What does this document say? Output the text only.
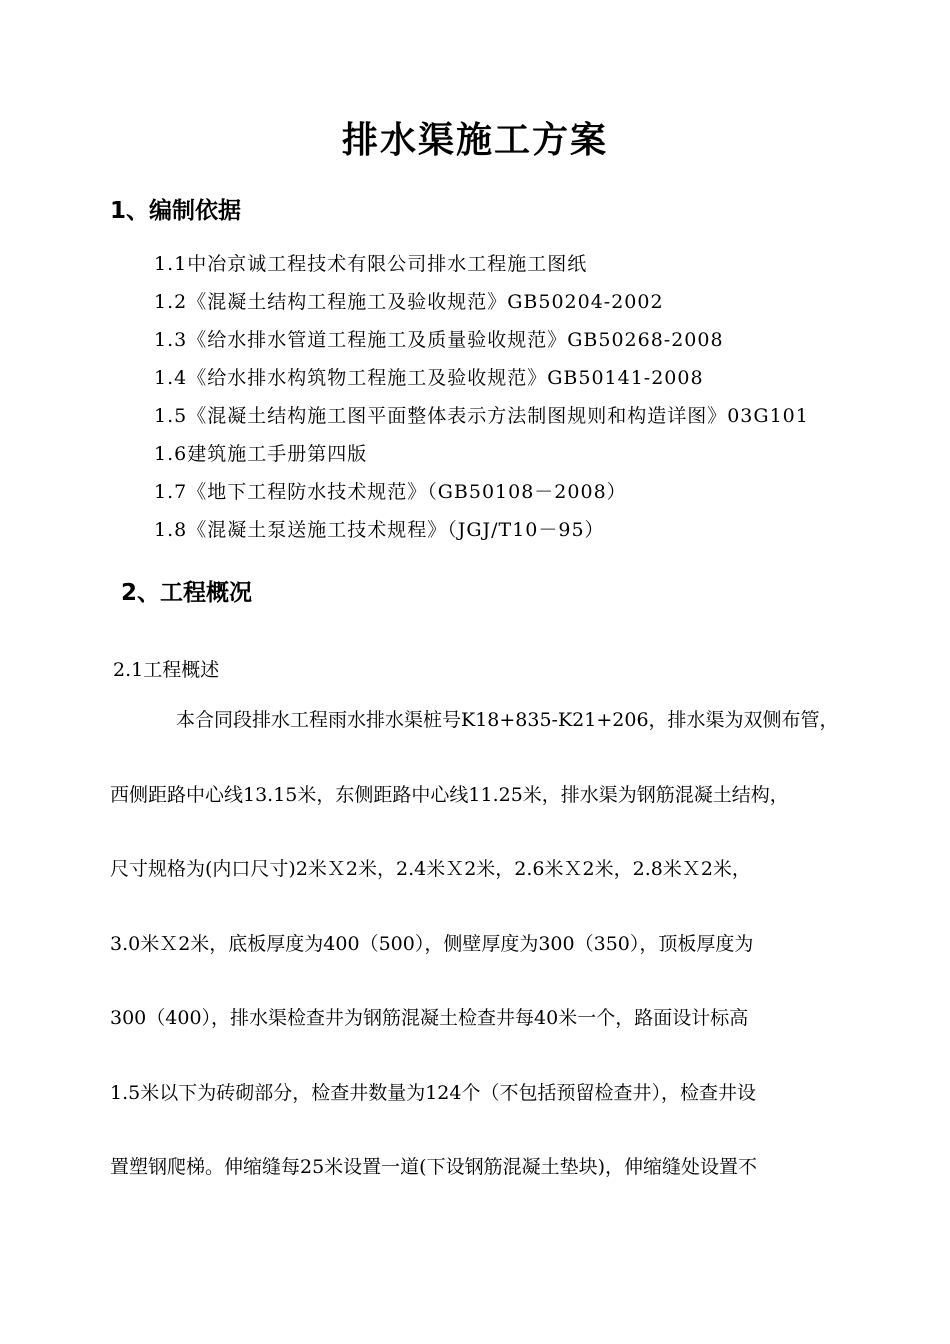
排水渠施工方案
1、编制依据
1.1中冶京诚工程技术有限公司排水工程施工图纸
1.2《混凝土结构工程施工及验收规范》GB50204-2002
1.3《给水排水管道工程施工及质量验收规范》GB50268-2008
1.4《给水排水构筑物工程施工及验收规范》GB50141-2008
1.5《混凝土结构施工图平面整体表示方法制图规则和构造详图》03G101
1.6建筑施工手册第四版
1.7《地下工程防水技术规范》（GB50108－2008）
1.8《混凝土泵送施工技术规程》（JGJ/T10－95）
2、工程概况
2.1工程概述
本合同段排水工程雨水排水渠桩号K18+835-K21+206，排水渠为双侧布管，
西侧距路中心线13.15米，东侧距路中心线11.25米，排水渠为钢筋混凝土结构，
尺寸规格为(内口尺寸)2米Ｘ2米，2.4米Ｘ2米，2.6米Ｘ2米，2.8米Ｘ2米，
3.0米Ｘ2米，底板厚度为400（500），侧壁厚度为300（350），顶板厚度为
300（400），排水渠检查井为钢筋混凝土检查井每40米一个，路面设计标高
1.5米以下为砖砌部分，检查井数量为124个（不包括预留检查井），检查井设
置塑钢爬梯。伸缩缝每25米设置一道(下设钢筋混凝土垫块)，伸缩缝处设置不
